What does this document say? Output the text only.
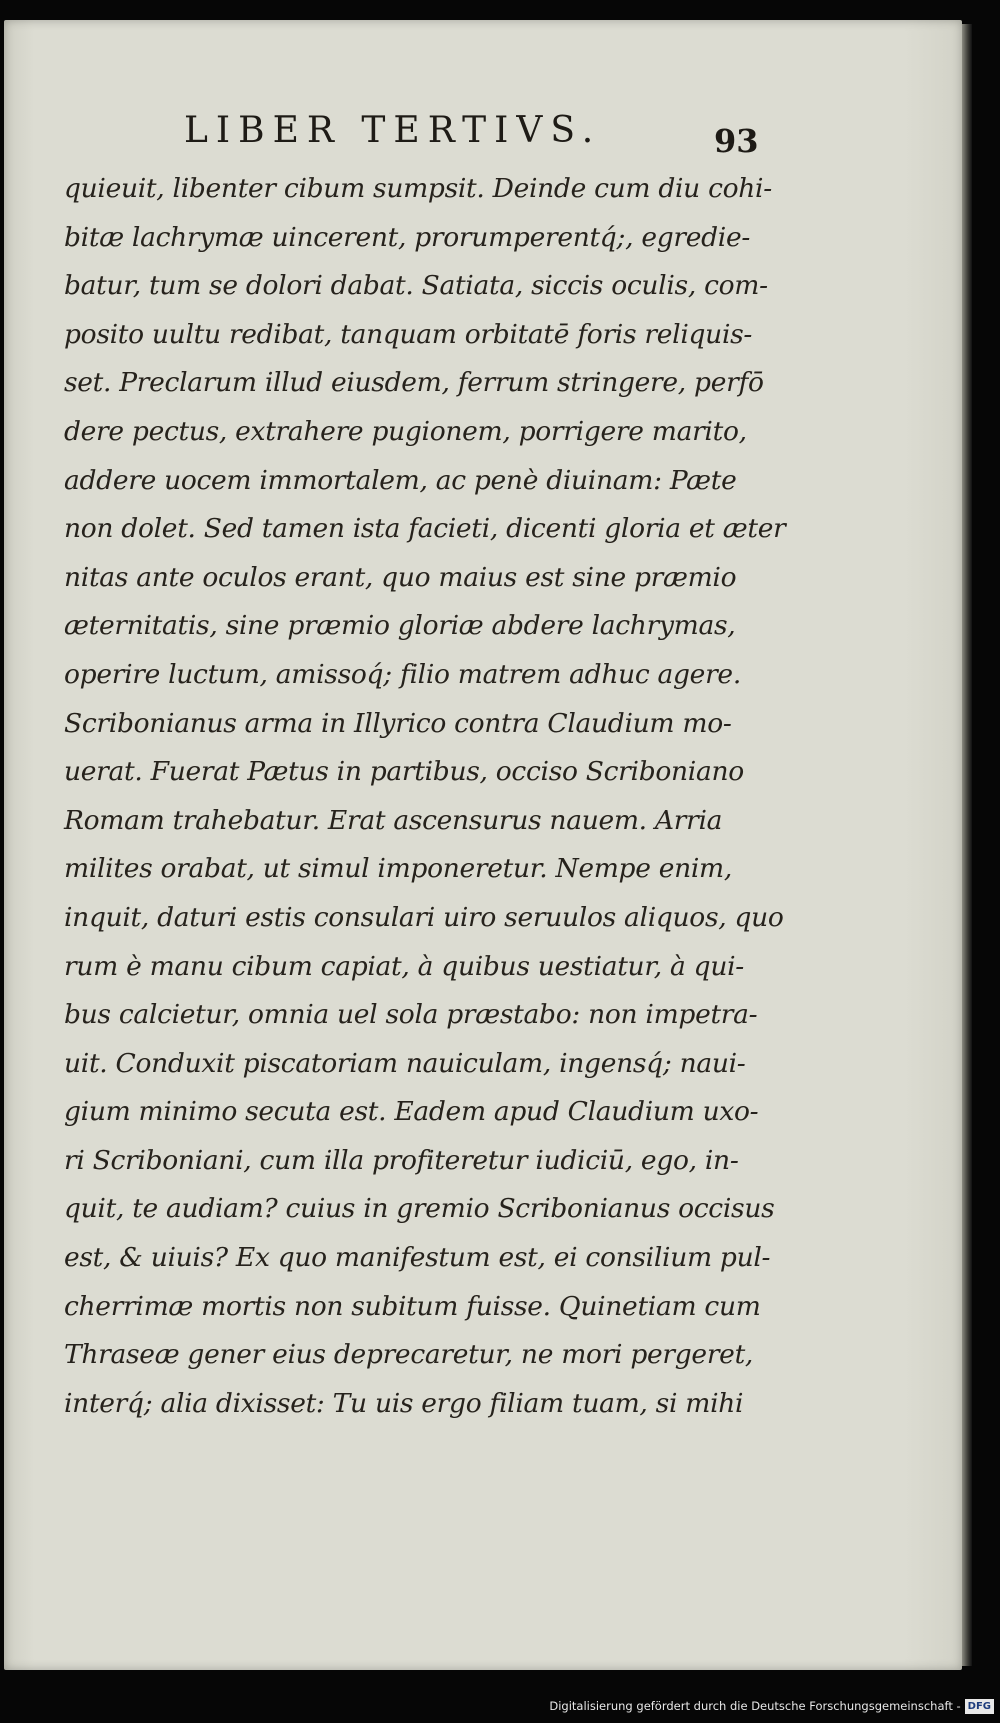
LIBER TERTIVS.	93
quieuit, libenter cibum sumpsit. Deinde cum diu cohi-
bitæ lachrymæ uincerent, prorumperentq́;, egredie-
batur, tum se dolori dabat. Satiata, siccis oculis, com-
posito uultu redibat, tanquam orbitatē foris reliquis-
set. Preclarum illud eiusdem, ferrum stringere, perfō
dere pectus, extrahere pugionem, porrigere marito,
addere uocem immortalem, ac penè diuinam: Pæte
non dolet. Sed tamen ista facieti, dicenti gloria et æter
nitas ante oculos erant, quo maius est sine præmio
æternitatis, sine præmio gloriæ abdere lachrymas,
operire luctum, amissoq́; filio matrem adhuc agere.
Scribonianus arma in Illyrico contra Claudium mo-
uerat. Fuerat Pætus in partibus, occiso Scriboniano
Romam trahebatur. Erat ascensurus nauem. Arria
milites orabat, ut simul imponeretur. Nempe enim,
inquit, daturi estis consulari uiro seruulos aliquos, quo
rum è manu cibum capiat, à quibus uestiatur, à qui-
bus calcietur, omnia uel sola præstabo: non impetra-
uit. Conduxit piscatoriam nauiculam, ingensq́; naui-
gium minimo secuta est. Eadem apud Claudium uxo-
ri Scriboniani, cum illa profiteretur iudiciū, ego, in-
quit, te audiam? cuius in gremio Scribonianus occisus
est, & uiuis? Ex quo manifestum est, ei consilium pul-
cherrimæ mortis non subitum fuisse. Quinetiam cum
Thraseæ gener eius deprecaretur, ne mori pergeret,
interq́; alia dixisset: Tu uis ergo filiam tuam, si mihi
Digitalisierung gefördert durch die Deutsche Forschungsgemeinschaft - DFG
